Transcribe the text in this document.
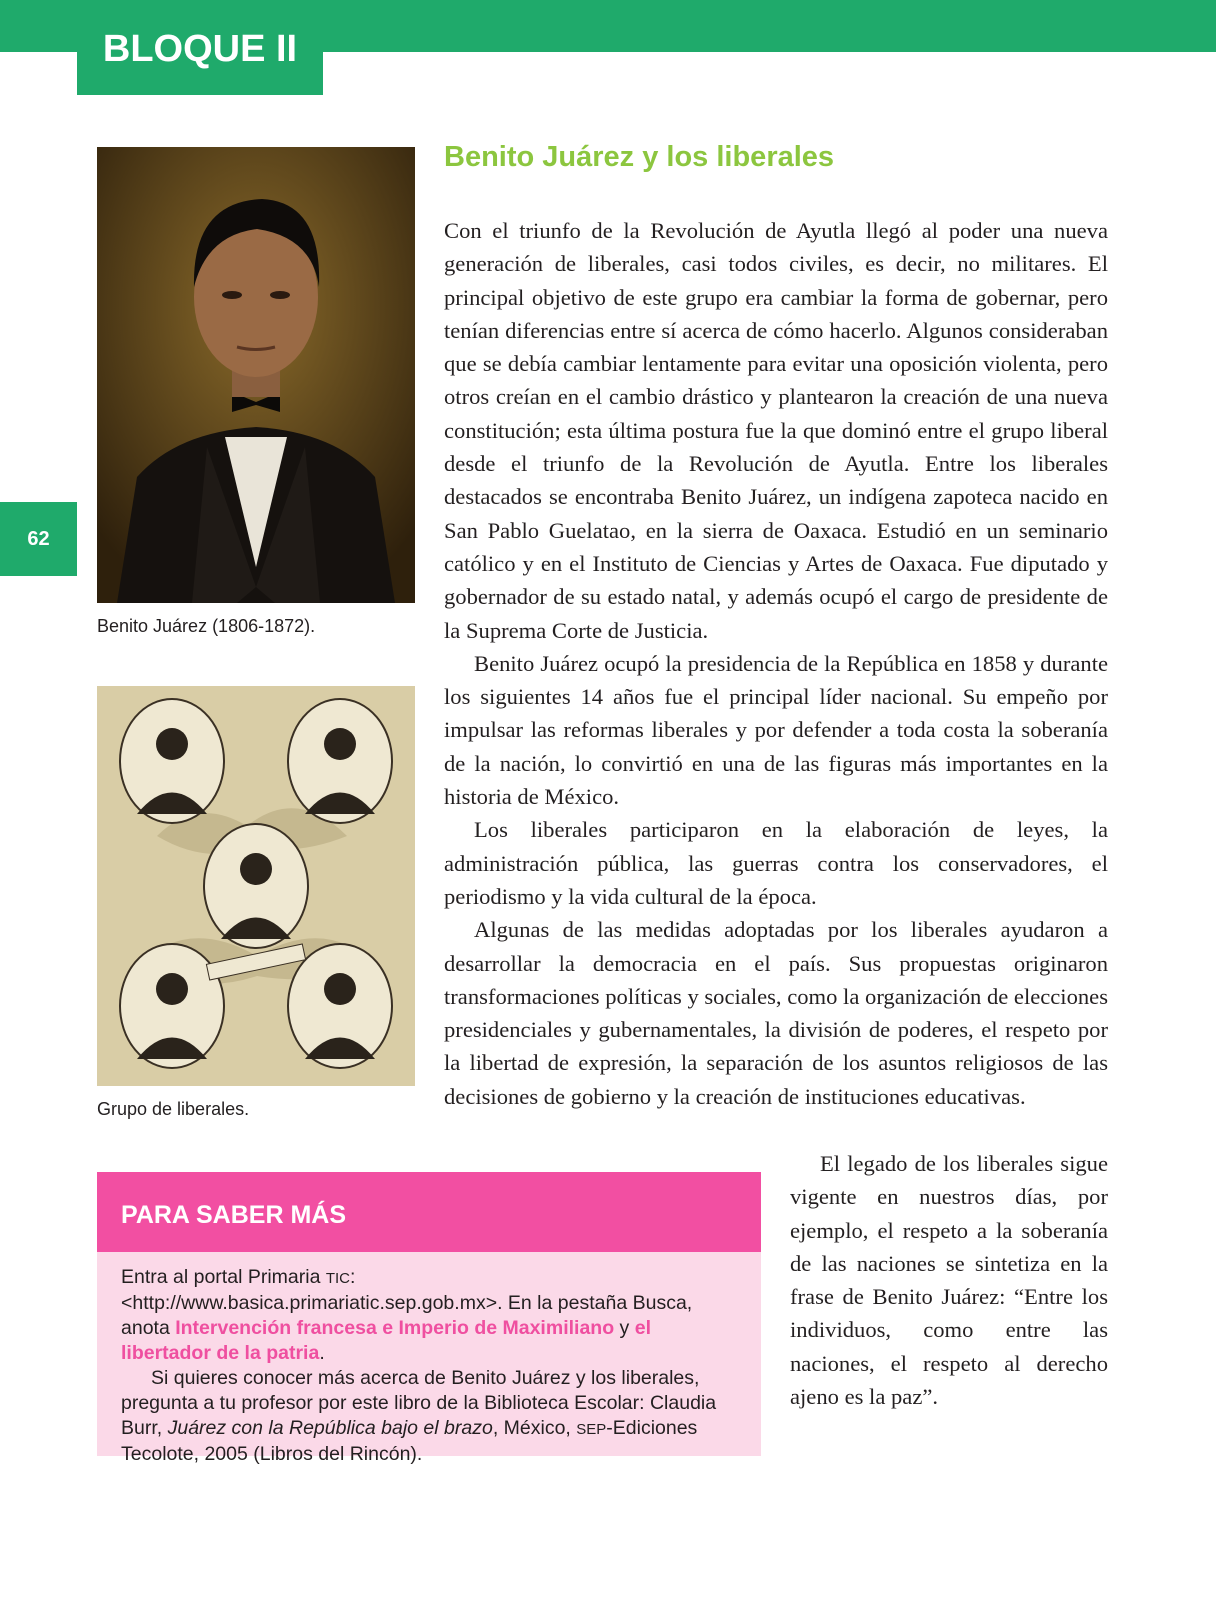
BLOQUE II
62
Benito Juárez (1806-1872).
Grupo de liberales.
Benito Juárez y los liberales

Con el triunfo de la Revolución de Ayutla llegó al poder una nueva generación de liberales, casi todos civiles, es decir, no militares. El principal objetivo de este grupo era cambiar la forma de gobernar, pero tenían diferencias entre sí acerca de cómo hacerlo. Algunos consideraban que se debía cambiar lentamente para evitar una oposición violenta, pero otros creían en el cambio drástico y plantearon la creación de una nueva constitución; esta última postura fue la que dominó entre el grupo liberal desde el triunfo de la Revolución de Ayutla. Entre los liberales destacados se encontraba Benito Juárez, un indígena zapoteca nacido en San Pablo Guelatao, en la sierra de Oaxaca. Estudió en un seminario católico y en el Instituto de Ciencias y Artes de Oaxaca. Fue diputado y gobernador de su estado natal, y además ocupó el cargo de presidente de la Suprema Corte de Justicia.

Benito Juárez ocupó la presidencia de la República en 1858 y durante los siguientes 14 años fue el principal líder nacional. Su empeño por impulsar las reformas liberales y por defender a toda costa la soberanía de la nación, lo convirtió en una de las figuras más importantes en la historia de México.

Los liberales participaron en la elaboración de leyes, la administración pública, las guerras contra los conservadores, el periodismo y la vida cultural de la época.

Algunas de las medidas adoptadas por los liberales ayudaron a desarrollar la democracia en el país. Sus propuestas originaron transformaciones políticas y sociales, como la organización de elecciones presidenciales y gubernamentales, la división de poderes, el respeto por la libertad de expresión, la separación de los asuntos religiosos de las decisiones de gobierno y la creación de instituciones educativas.

El legado de los liberales sigue vigente en nuestros días, por ejemplo, el respeto a la soberanía de las naciones se sintetiza en la frase de Benito Juárez: “Entre los individuos, como entre las naciones, el respeto al derecho ajeno es la paz”.

PARA SABER MÁS

Entra al portal Primaria TIC: <http://www.basica.primariatic.sep.gob.mx>. En la pestaña Busca, anota Intervención francesa e Imperio de Maximiliano y el libertador de la patria.

Si quieres conocer más acerca de Benito Juárez y los liberales, pregunta a tu profesor por este libro de la Biblioteca Escolar: Claudia Burr, Juárez con la República bajo el brazo, México, SEP-Ediciones Tecolote, 2005 (Libros del Rincón).
